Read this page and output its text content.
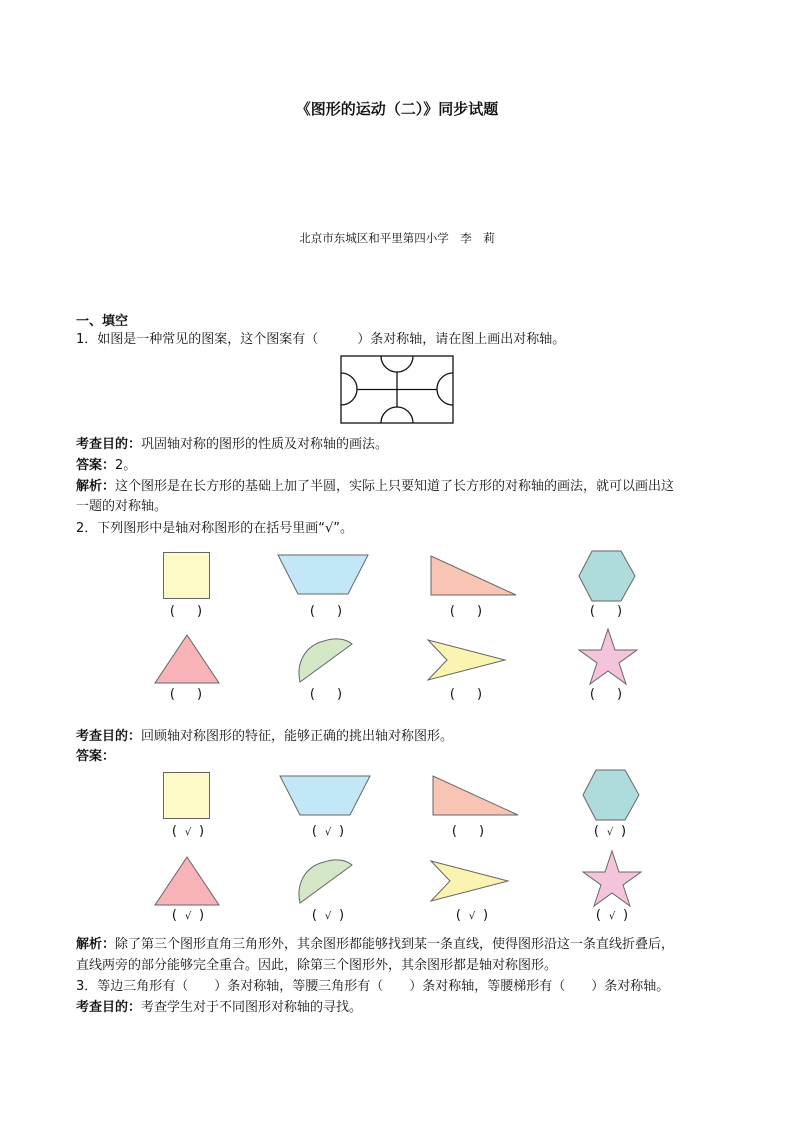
《图形的运动（二）》同步试题
北京市东城区和平里第四小学　李　莉
一、填空
1．如图是一种常见的图案，这个图案有（　　　）条对称轴，请在图上画出对称轴。
考查目的：巩固轴对称的图形的性质及对称轴的画法。
答案：2。
解析：这个图形是在长方形的基础上加了半圆，实际上只要知道了长方形的对称轴的画法，就可以画出这
一题的对称轴。
2．下列图形中是轴对称图形的在括号里画“√”。
( )	( )	( )	( )
( )	( )	( )	( )
考查目的：回顾轴对称图形的特征，能够正确的挑出轴对称图形。
答案：
( √ )	( √ )	( )	( √ )
( √ )	( √ )	( √ )	( √ )
解析：除了第三个图形直角三角形外，其余图形都能够找到某一条直线，使得图形沿这一条直线折叠后，
直线两旁的部分能够完全重合。因此，除第三个图形外，其余图形都是轴对称图形。
3．等边三角形有（　　）条对称轴，等腰三角形有（　　）条对称轴，等腰梯形有（　　）条对称轴。
考查目的：考查学生对于不同图形对称轴的寻找。
